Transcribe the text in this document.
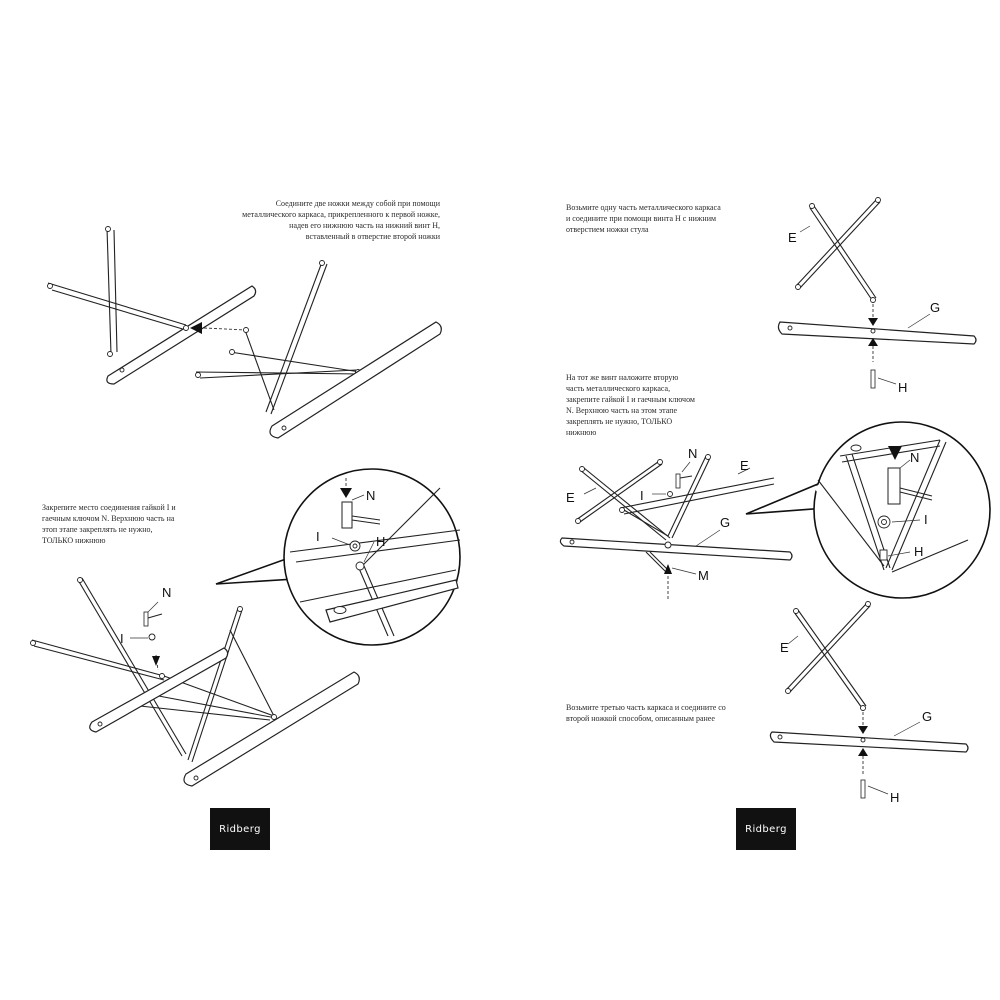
Соедините две ножки между собой при помощи
металлического каркаса, прикрепленного к первой ножке,
надев его нижнюю часть на нижний винт H,
вставленный в отверстие второй ножки

Закрепите место соединения гайкой I и
гаечным ключом N. Верхнюю часть на
этоп этапе закреплять не нужно,
ТОЛЬКО нижнюю

N
I
N
I	H
Ridberg

Возьмите одну часть металлического каркаса
и соедините при помощи винта H с нижним
отверстием ножки стула

На тот же винт наложите вторую
часть металлического каркаса,
закрепите гайкой I и гаечным ключом
N. Верхнюю часть на этом этапе
закреплять не нужно, ТОЛЬКО
нижнюю

Возьмите третью часть каркаса и соедините со
второй ножкой способом, описанным ранее

E
G
H
N
E
E
I
G
M
N
I
H
E
G
H
Ridberg
